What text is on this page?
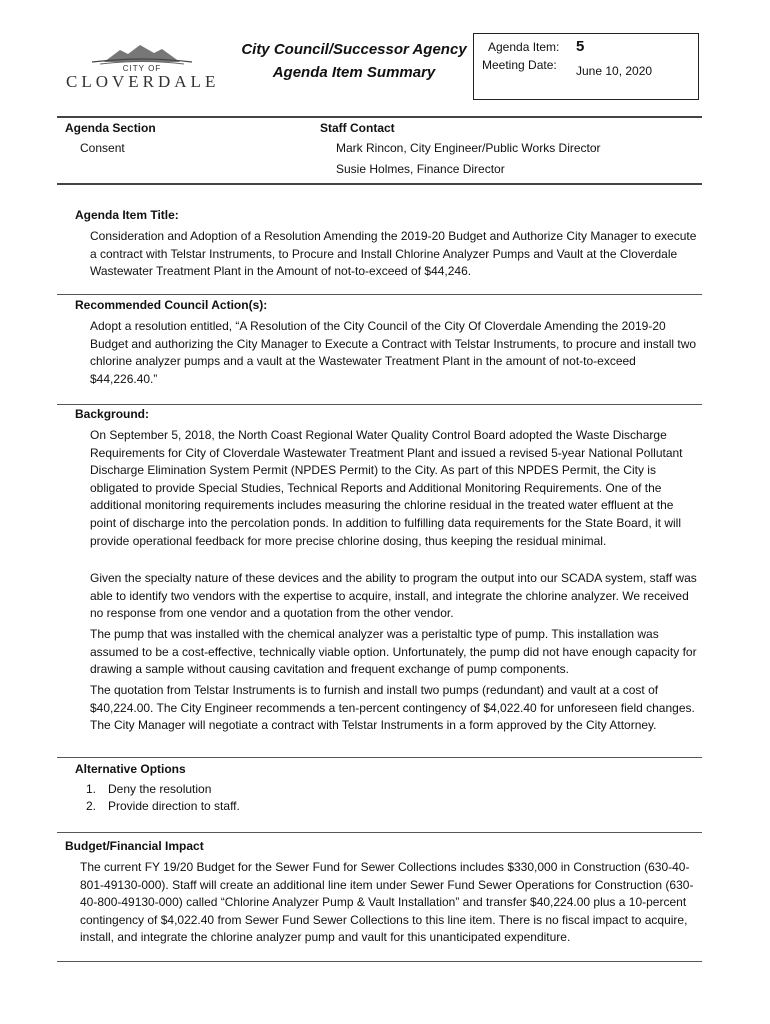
CITY OF
CLOVERDALE
City Council/Successor Agency
Agenda Item Summary
Agenda Item: 5
Meeting Date: June 10, 2020
Agenda Section
Consent
Staff Contact
Mark Rincon, City Engineer/Public Works Director
Susie Holmes, Finance Director
Agenda Item Title:
Consideration and Adoption of a Resolution Amending the 2019-20 Budget and Authorize City Manager to execute a contract with Telstar Instruments, to Procure and Install Chlorine Analyzer Pumps and Vault at the Cloverdale Wastewater Treatment Plant in the Amount of not-to-exceed of $44,246.
Recommended Council Action(s):
Adopt a resolution entitled, “A Resolution of the City Council of the City Of Cloverdale Amending the 2019-20 Budget and authorizing the City Manager to Execute a Contract with Telstar Instruments, to procure and install two chlorine analyzer pumps and a vault at the Wastewater Treatment Plant in the amount of not-to-exceed $44,226.40.”
Background:
On September 5, 2018, the North Coast Regional Water Quality Control Board adopted the Waste Discharge Requirements for City of Cloverdale Wastewater Treatment Plant and issued a revised 5-year National Pollutant Discharge Elimination System Permit (NPDES Permit) to the City. As part of this NPDES Permit, the City is obligated to provide Special Studies, Technical Reports and Additional Monitoring Requirements. One of the additional monitoring requirements includes measuring the chlorine residual in the treated water effluent at the point of discharge into the percolation ponds. In addition to fulfilling data requirements for the State Board, it will provide operational feedback for more precise chlorine dosing, thus keeping the residual minimal.
Given the specialty nature of these devices and the ability to program the output into our SCADA system, staff was able to identify two vendors with the expertise to acquire, install, and integrate the chlorine analyzer. We received no response from one vendor and a quotation from the other vendor.
The pump that was installed with the chemical analyzer was a peristaltic type of pump. This installation was assumed to be a cost-effective, technically viable option. Unfortunately, the pump did not have enough capacity for drawing a sample without causing cavitation and frequent exchange of pump components.
The quotation from Telstar Instruments is to furnish and install two pumps (redundant) and vault at a cost of $40,224.00. The City Engineer recommends a ten-percent contingency of $4,022.40 for unforeseen field changes. The City Manager will negotiate a contract with Telstar Instruments in a form approved by the City Attorney.
Alternative Options
1. Deny the resolution
2. Provide direction to staff.
Budget/Financial Impact
The current FY 19/20 Budget for the Sewer Fund for Sewer Collections includes $330,000 in Construction (630-40-801-49130-000). Staff will create an additional line item under Sewer Fund Sewer Operations for Construction (630-40-800-49130-000) called “Chlorine Analyzer Pump & Vault Installation” and transfer $40,224.00 plus a 10-percent contingency of $4,022.40 from Sewer Fund Sewer Collections to this line item. There is no fiscal impact to acquire, install, and integrate the chlorine analyzer pump and vault for this unanticipated expenditure.
